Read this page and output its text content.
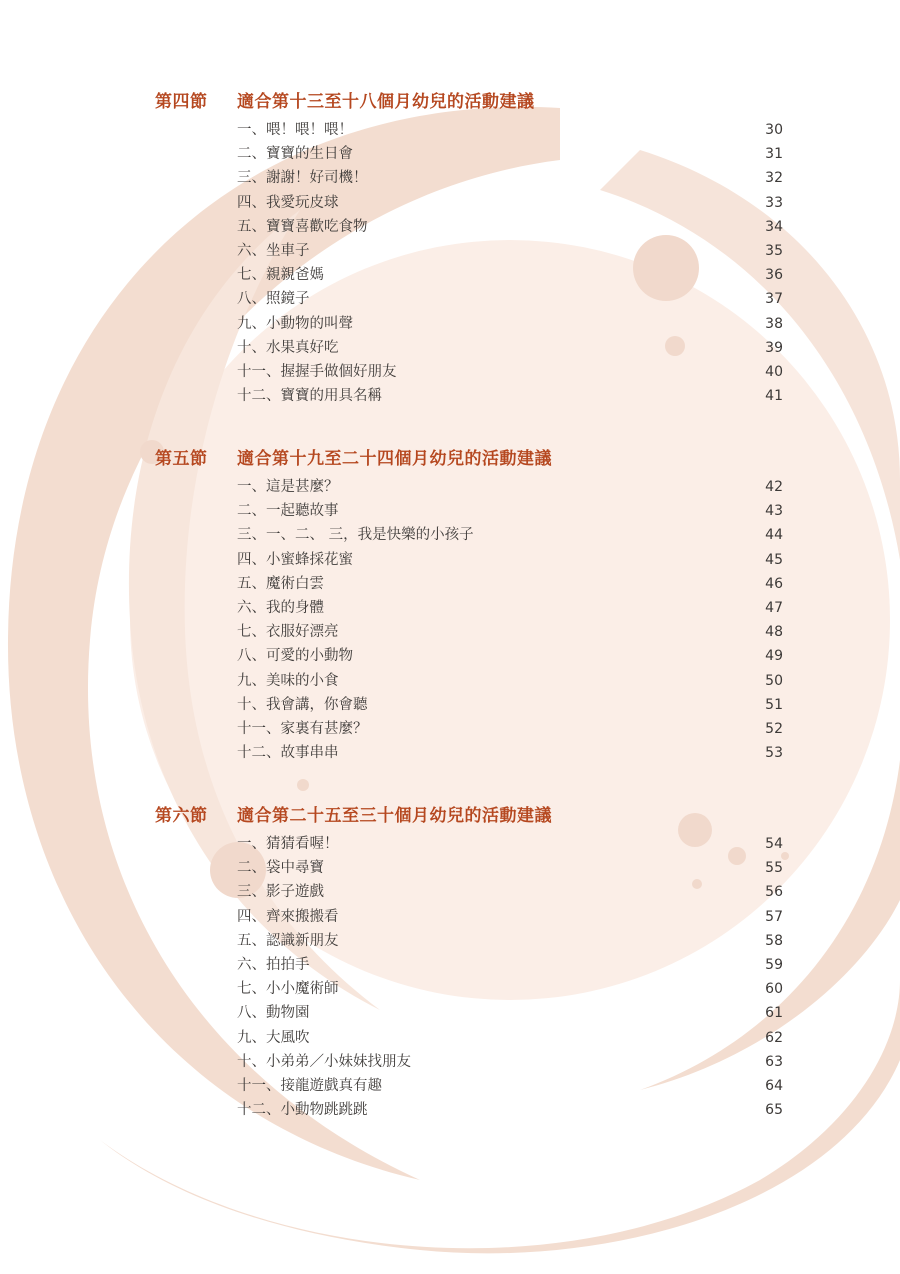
第四節 適合第十三至十八個月幼兒的活動建議
一、喂！喂！喂！	30
二、寶寶的生日會	31
三、謝謝！好司機！	32
四、我愛玩皮球	33
五、寶寶喜歡吃食物	34
六、坐車子	35
七、親親爸媽	36
八、照鏡子	37
九、小動物的叫聲	38
十、水果真好吃	39
十一、握握手做個好朋友	40
十二、寶寶的用具名稱	41
第五節 適合第十九至二十四個月幼兒的活動建議
一、這是甚麼？	42
二、一起聽故事	43
三、一、二、 三，我是快樂的小孩子	44
四、小蜜蜂採花蜜	45
五、魔術白雲	46
六、我的身體	47
七、衣服好漂亮	48
八、可愛的小動物	49
九、美味的小食	50
十、我會講，你會聽	51
十一、家裏有甚麼？	52
十二、故事串串	53
第六節 適合第二十五至三十個月幼兒的活動建議
一、猜猜看喔！	54
二、袋中尋寶	55
三、影子遊戲	56
四、齊來搬搬看	57
五、認識新朋友	58
六、拍拍手	59
七、小小魔術師	60
八、動物園	61
九、大風吹	62
十、小弟弟／小妹妹找朋友	63
十一、接龍遊戲真有趣	64
十二、小動物跳跳跳	65
